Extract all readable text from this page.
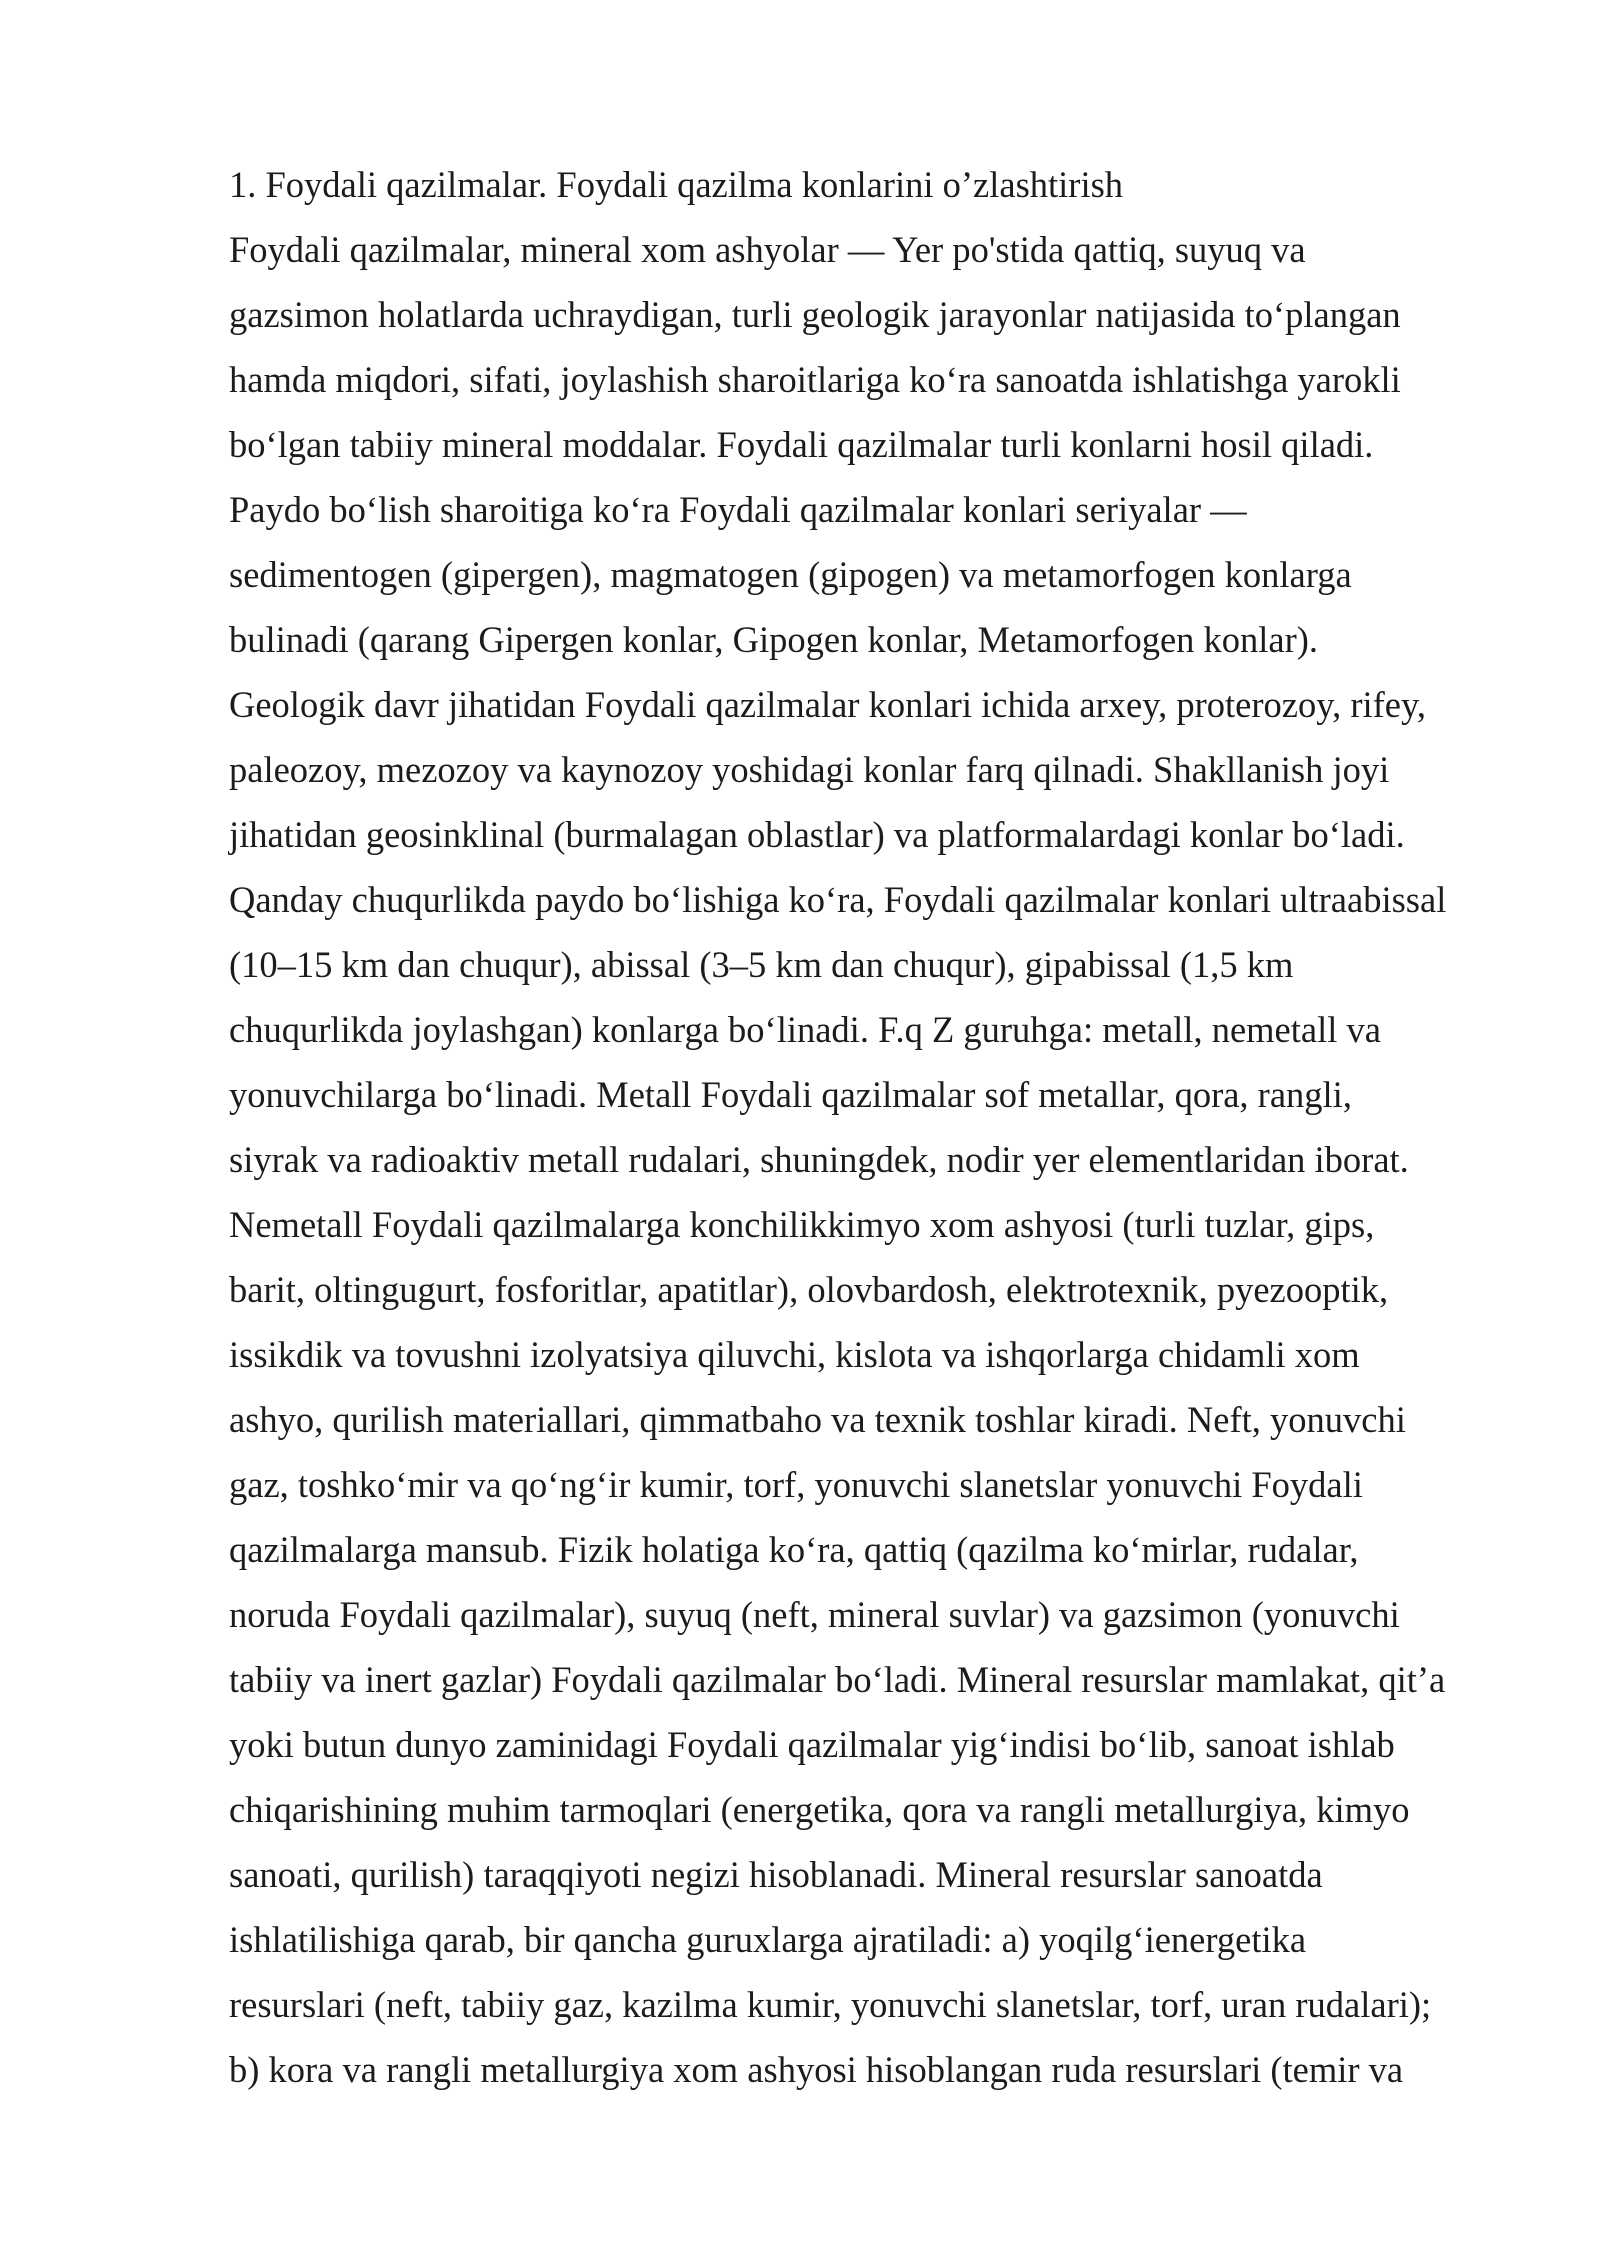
1. Foydali qazilmalar. Foydali qazilma konlarini o’zlashtirish
Foydali qazilmalar, mineral xom ashyolar — Yer po'stida qattiq, suyuq va
gazsimon holatlarda uchraydigan, turli geologik jarayonlar natijasida toʻplangan
hamda miqdori, sifati, joylashish sharoitlariga koʻra sanoatda ishlatishga yarokli
boʻlgan tabiiy mineral moddalar. Foydali qazilmalar turli konlarni hosil qiladi.
Paydo boʻlish sharoitiga koʻra Foydali qazilmalar konlari seriyalar —
sedimentogen (gipergen), magmatogen (gipogen) va metamorfogen konlarga
bulinadi (qarang Gipergen konlar, Gipogen konlar, Metamorfogen konlar).
Geologik davr jihatidan Foydali qazilmalar konlari ichida arxey, proterozoy, rifey,
paleozoy, mezozoy va kaynozoy yoshidagi konlar farq qilnadi. Shakllanish joyi
jihatidan geosinklinal (burmalagan oblastlar) va platformalardagi konlar boʻladi.
Qanday chuqurlikda paydo boʻlishiga koʻra, Foydali qazilmalar konlari ultraabissal
(10–15 km dan chuqur), abissal (3–5 km dan chuqur), gipabissal (1,5 km
chuqurlikda joylashgan) konlarga boʻlinadi. F.q Z guruhga: metall, nemetall va
yonuvchilarga boʻlinadi. Metall Foydali qazilmalar sof metallar, qora, rangli,
siyrak va radioaktiv metall rudalari, shuningdek, nodir yer elementlaridan iborat.
Nemetall Foydali qazilmalarga konchilikkimyo xom ashyosi (turli tuzlar, gips,
barit, oltingugurt, fosforitlar, apatitlar), olovbardosh, elektrotexnik, pyezooptik,
issikdik va tovushni izolyatsiya qiluvchi, kislota va ishqorlarga chidamli xom
ashyo, qurilish materiallari, qimmatbaho va texnik toshlar kiradi. Neft, yonuvchi
gaz, toshkoʻmir va qoʻngʻir kumir, torf, yonuvchi slanetslar yonuvchi Foydali
qazilmalarga mansub. Fizik holatiga koʻra, qattiq (qazilma koʻmirlar, rudalar,
noruda Foydali qazilmalar), suyuq (neft, mineral suvlar) va gazsimon (yonuvchi
tabiiy va inert gazlar) Foydali qazilmalar boʻladi. Mineral resurslar mamlakat, qit’a
yoki butun dunyo zaminidagi Foydali qazilmalar yigʻindisi boʻlib, sanoat ishlab
chiqarishining muhim tarmoqlari (energetika, qora va rangli metallurgiya, kimyo
sanoati, qurilish) taraqqiyoti negizi hisoblanadi. Mineral resurslar sanoatda
ishlatilishiga qarab, bir qancha guruxlarga ajratiladi: a) yoqilgʻienergetika
resurslari (neft, tabiiy gaz, kazilma kumir, yonuvchi slanetslar, torf, uran rudalari);
b) kora va rangli metallurgiya xom ashyosi hisoblangan ruda resurslari (temir va
